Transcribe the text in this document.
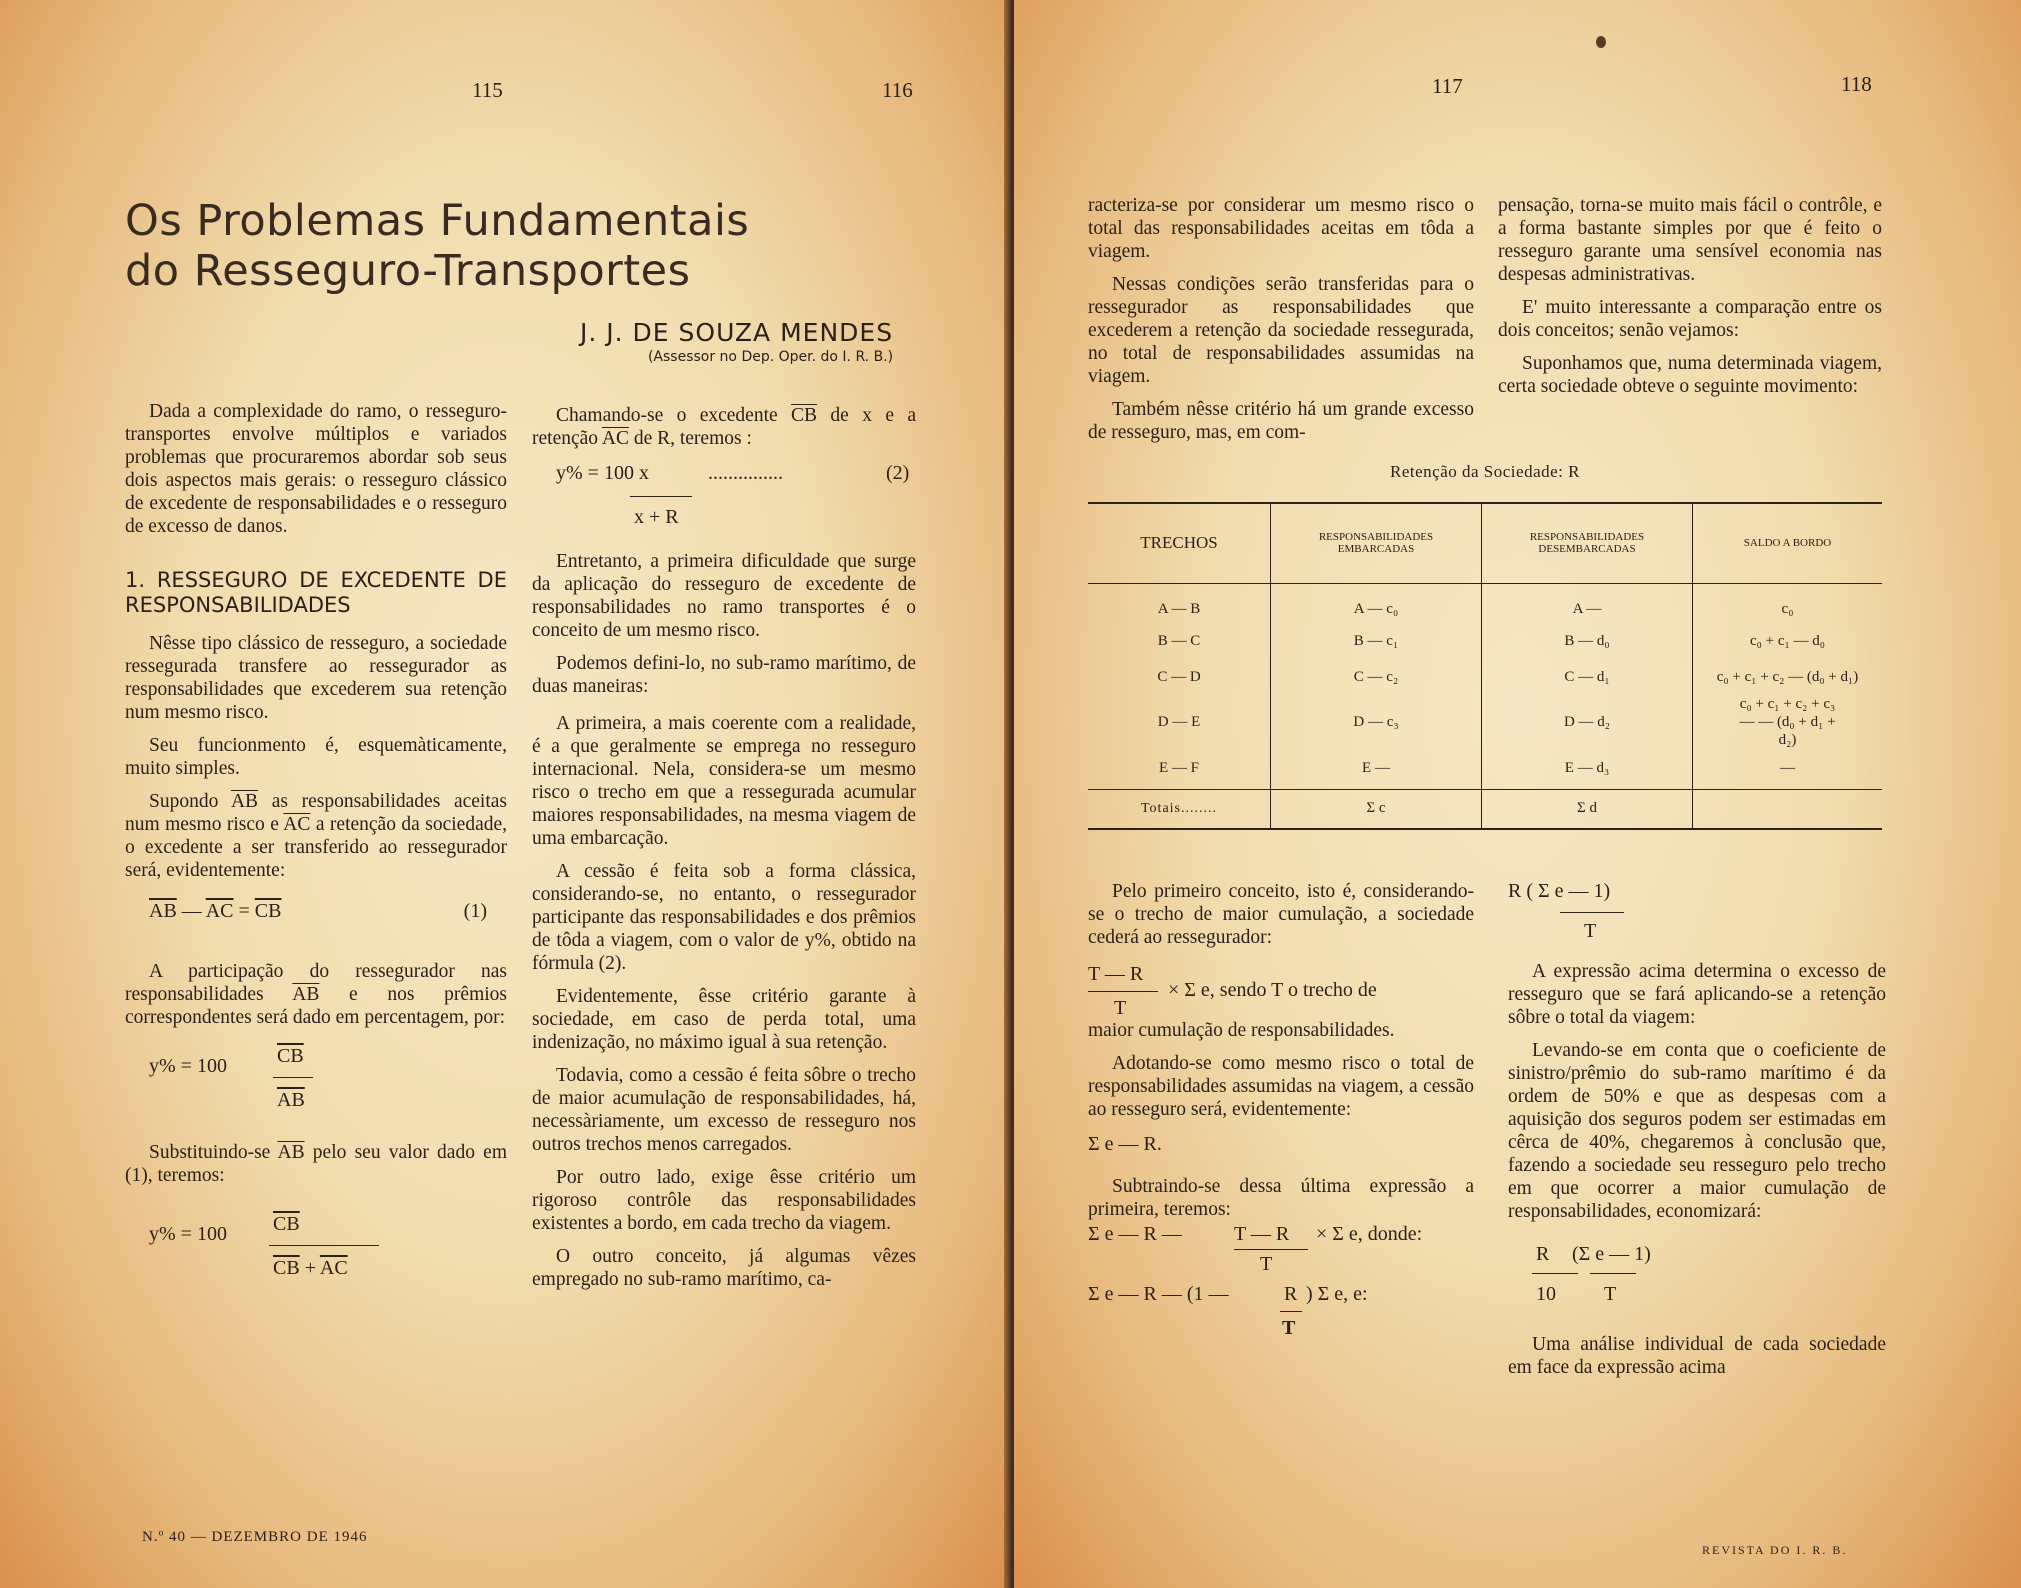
115	116
Os Problemas Fundamentais
do Resseguro-Transportes
J. J. DE SOUZA MENDES
(Assessor no Dep. Oper. do I. R. B.)

Dada a complexidade do ramo, o resseguro-transportes envolve múltiplos e variados problemas que procuraremos abordar sob seus dois aspectos mais gerais: o resseguro clássico de excedente de responsabilidades e o resseguro de excesso de danos.

1. RESSEGURO DE EXCEDENTE DE RESPONSABILIDADES

Nêsse tipo clássico de resseguro, a sociedade ressegurada transfere ao ressegurador as responsabilidades que excederem sua retenção num mesmo risco.

Seu funcionmento é, esquemàticamente, muito simples.

Supondo $\overline{AB}$ as responsabilidades aceitas num mesmo risco e $\overline{AC}$ a retenção da sociedade, o excedente a ser transferido ao ressegurador será, evidentemente:

$\overline{AB}$ — $\overline{AC} = \overline{CB}$	(1)

A participação do ressegurador nas responsabilidades $\overline{AB}$ e nos prêmios correspondentes será dado em percentagem, por:

y% = 100	$\overline{CB}$
$\overline{AB}$

Substituindo-se $\overline{AB}$ pelo seu valor dado em (1), teremos:

y% = 100 $\overline{CB}$
$\overline{CB} + \overline{AC}$

Chamando-se o excedente $\overline{CB}$ de x e a retenção $\overline{AC}$ de R, teremos :

y% = 100 x	...............	(2)
x + R

Entretanto, a primeira dificuldade que surge da aplicação do resseguro de excedente de responsabilidades no ramo transportes é o conceito de um mesmo risco.

Podemos defini-lo, no sub-ramo marítimo, de duas maneiras:

A primeira, a mais coerente com a realidade, é a que geralmente se emprega no resseguro internacional. Nela, considera-se um mesmo risco o trecho em que a ressegurada acumular maiores responsabilidades, na mesma viagem de uma embarcação.

A cessão é feita sob a forma clássica, considerando-se, no entanto, o ressegurador participante das responsabilidades e dos prêmios de tôda a viagem, com o valor de y%, obtido na fórmula (2).

Evidentemente, êsse critério garante à sociedade, em caso de perda total, uma indenização, no máximo igual à sua retenção.

Todavia, como a cessão é feita sôbre o trecho de maior acumulação de responsabilidades, há, necessàriamente, um excesso de resseguro nos outros trechos menos carregados.

Por outro lado, exige êsse critério um rigoroso contrôle das responsabilidades existentes a bordo, em cada trecho da viagem.

O outro conceito, já algumas vêzes empregado no sub-ramo marítimo, ca-

N.º 40 — DEZEMBRO DE 1946
117	118

racteriza-se por considerar um mesmo risco o total das responsabilidades aceitas em tôda a viagem.

Nessas condições serão transferidas para o ressegurador as responsabilidades que excederem a retenção da sociedade ressegurada, no total de responsabilidades assumidas na viagem.

Também nêsse critério há um grande excesso de resseguro, mas, em com-

pensação, torna-se muito mais fácil o contrôle, e a forma bastante simples por que é feito o resseguro garante uma sensível economia nas despesas administrativas.

E' muito interessante a comparação entre os dois conceitos; senão vejamos:

Suponhamos que, numa determinada viagem, certa sociedade obteve o seguinte movimento:

Retenção da Sociedade: R
TRECHOS	RESPONSABILIDADES EMBARCADAS	RESPONSABILIDADES DESEMBARCADAS	SALDO A BORDO
A — B	A — c₀	A —	c₀
B — C	B — c₁	B — d₀	c₀ + c₁ — d₀
C — D	C — c₂	C — d₁	c₀ + c₁ + c₂ — (d₀ + d₁)
D — E	D — c₃	D — d₂	c₀ + c₁ + c₂ + c₃ — — (d₀ + d₁ + d₂)
E — F	E —	E — d₃	—
Totais........	Σ c	Σ d	

Pelo primeiro conceito, isto é, considerando-se o trecho de maior cumulação, a sociedade cederá ao ressegurador:

T — R
T
× Σ e, sendo T o trecho de

maior cumulação de responsabilidades.

Adotando-se como mesmo risco o total de responsabilidades assumidas na viagem, a cessão ao resseguro será, evidentemente:

Σ e — R.

Subtraindo-se dessa última expressão a primeira, teremos:

Σ e — R —	T — R × Σ e, donde:
T
Σ e — R — (1 —	R ) Σ e, e:
T
R ( Σ e — 1)
T

A expressão acima determina o excesso de resseguro que se fará aplicando-se a retenção sôbre o total da viagem:

Levando-se em conta que o coeficiente de sinistro/prêmio do sub-ramo marítimo é da ordem de 50% e que as despesas com a aquisição dos seguros podem ser estimadas em cêrca de 40%, chegaremos à conclusão que, fazendo a sociedade seu resseguro pelo trecho em que ocorrer a maior cumulação de responsabilidades, economizará:

R (Σ e — 1)
10 T

Uma análise individual de cada sociedade em face da expressão acima

REVISTA DO I. R. B.
